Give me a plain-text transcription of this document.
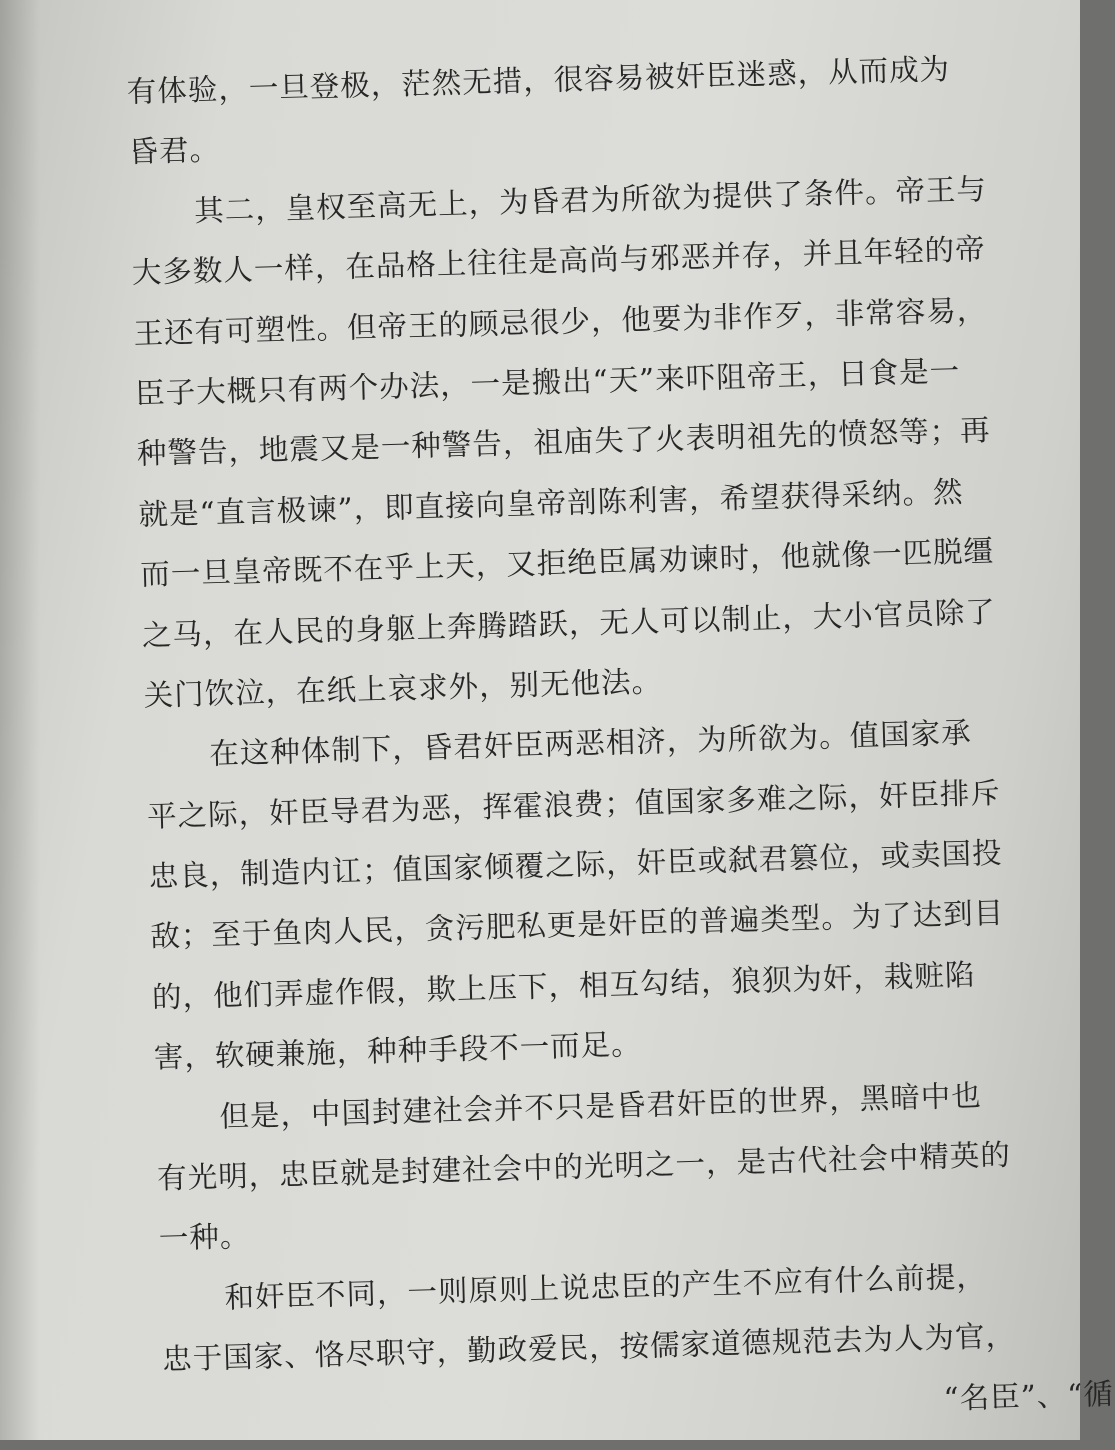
有体验，一旦登极，茫然无措，很容易被奸臣迷惑，从而成为
昏君。
其二，皇权至高无上，为昏君为所欲为提供了条件。帝王与
大多数人一样，在品格上往往是高尚与邪恶并存，并且年轻的帝
王还有可塑性。但帝王的顾忌很少，他要为非作歹，非常容易，
臣子大概只有两个办法，一是搬出“天”来吓阻帝王，日食是一
种警告，地震又是一种警告，祖庙失了火表明祖先的愤怒等；再
就是“直言极谏”，即直接向皇帝剖陈利害，希望获得采纳。然
而一旦皇帝既不在乎上天，又拒绝臣属劝谏时，他就像一匹脱缰
之马，在人民的身躯上奔腾踏跃，无人可以制止，大小官员除了
关门饮泣，在纸上哀求外，别无他法。
在这种体制下，昏君奸臣两恶相济，为所欲为。值国家承
平之际，奸臣导君为恶，挥霍浪费；值国家多难之际，奸臣排斥
忠良，制造内讧；值国家倾覆之际，奸臣或弑君篡位，或卖国投
敌；至于鱼肉人民，贪污肥私更是奸臣的普遍类型。为了达到目
的，他们弄虚作假，欺上压下，相互勾结，狼狈为奸，栽赃陷
害，软硬兼施，种种手段不一而足。
但是，中国封建社会并不只是昏君奸臣的世界，黑暗中也
有光明，忠臣就是封建社会中的光明之一，是古代社会中精英的
一种。
和奸臣不同，一则原则上说忠臣的产生不应有什么前提，
忠于国家、恪尽职守，勤政爱民，按儒家道德规范去为人为官，
“名臣”、“循
